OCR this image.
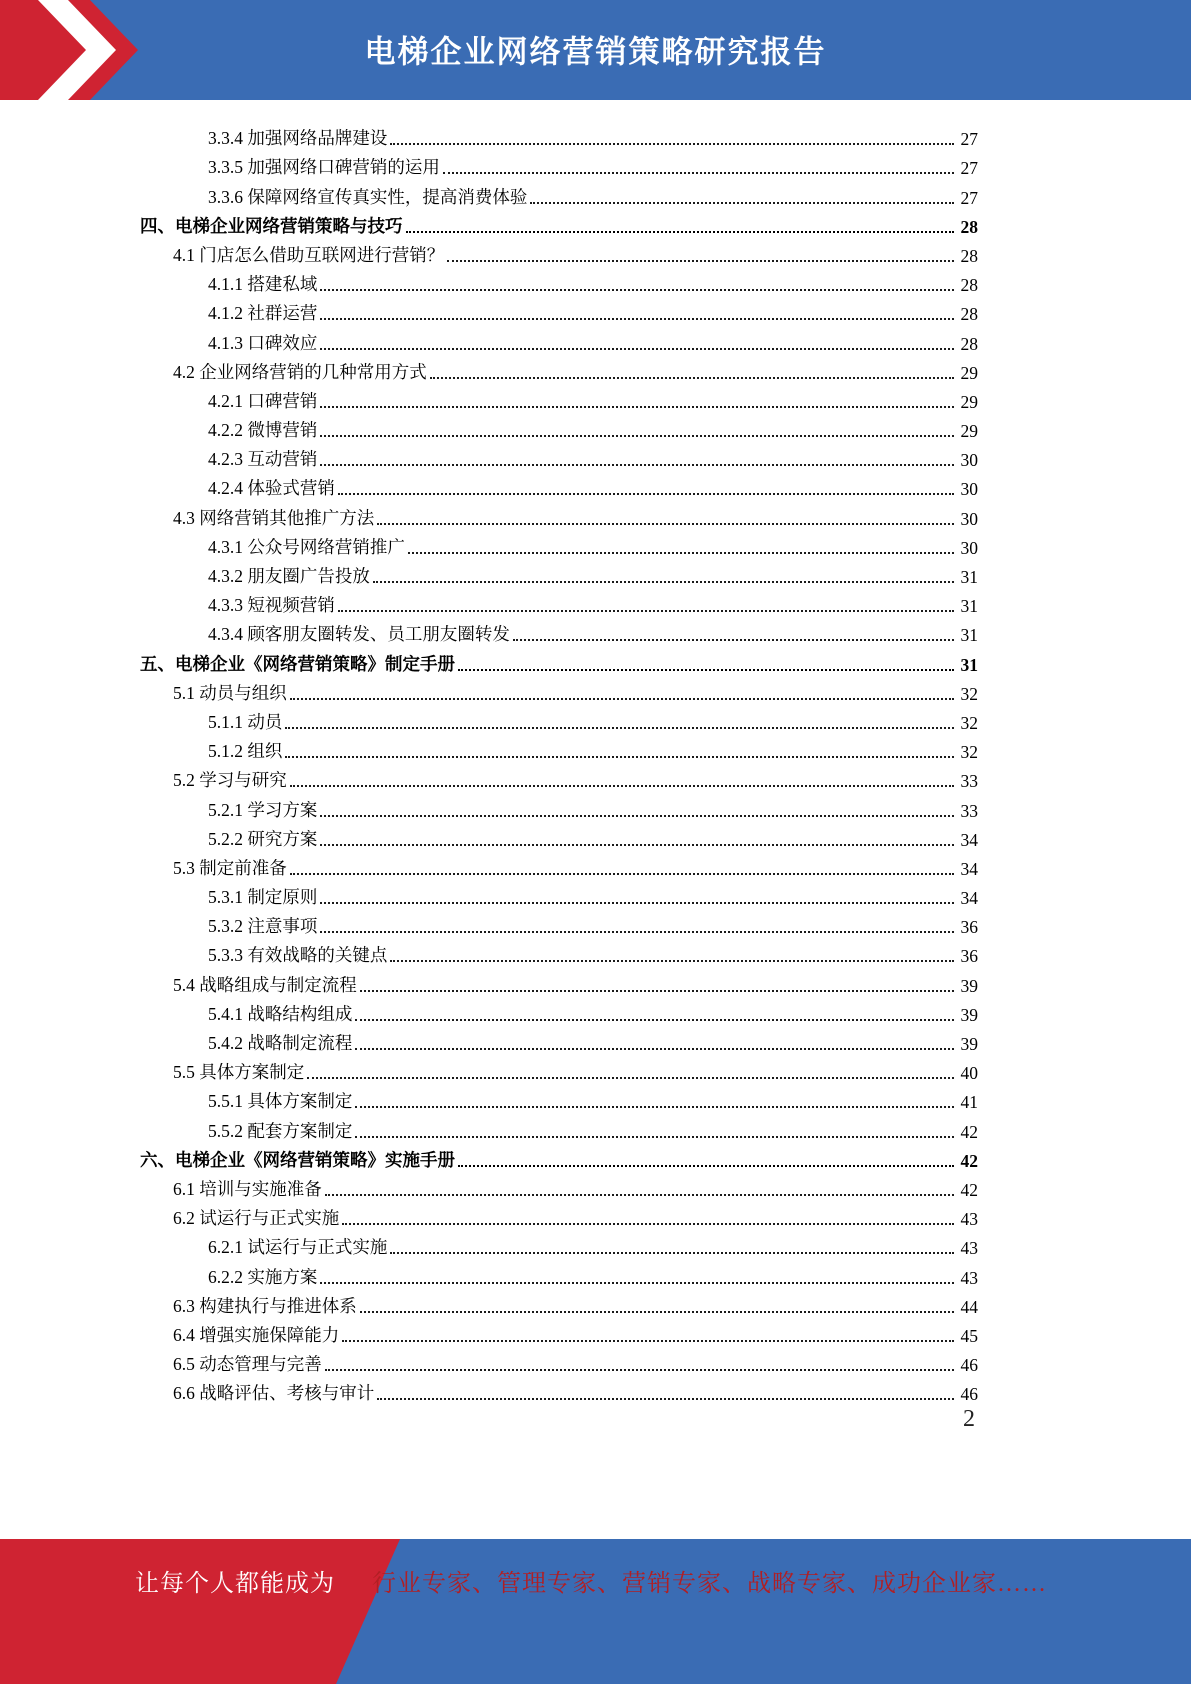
电梯企业网络营销策略研究报告
3.3.4 加强网络品牌建设	27
3.3.5 加强网络口碑营销的运用	27
3.3.6 保障网络宣传真实性，提高消费体验	27
四、电梯企业网络营销策略与技巧	28
4.1 门店怎么借助互联网进行营销？	28
4.1.1 搭建私域	28
4.1.2 社群运营	28
4.1.3 口碑效应	28
4.2 企业网络营销的几种常用方式	29
4.2.1 口碑营销	29
4.2.2 微博营销	29
4.2.3 互动营销	30
4.2.4 体验式营销	30
4.3 网络营销其他推广方法	30
4.3.1 公众号网络营销推广	30
4.3.2 朋友圈广告投放	31
4.3.3 短视频营销	31
4.3.4 顾客朋友圈转发、员工朋友圈转发	31
五、电梯企业《网络营销策略》制定手册	31
5.1 动员与组织	32
5.1.1 动员	32
5.1.2 组织	32
5.2 学习与研究	33
5.2.1 学习方案	33
5.2.2 研究方案	34
5.3 制定前准备	34
5.3.1 制定原则	34
5.3.2 注意事项	36
5.3.3 有效战略的关键点	36
5.4 战略组成与制定流程	39
5.4.1 战略结构组成	39
5.4.2 战略制定流程	39
5.5 具体方案制定	40
5.5.1 具体方案制定	41
5.5.2 配套方案制定	42
六、电梯企业《网络营销策略》实施手册	42
6.1 培训与实施准备	42
6.2 试运行与正式实施	43
6.2.1 试运行与正式实施	43
6.2.2 实施方案	43
6.3 构建执行与推进体系	44
6.4 增强实施保障能力	45
6.5 动态管理与完善	46
6.6 战略评估、考核与审计	46
2
让每个人都能成为 行业专家、管理专家、营销专家、战略专家、成功企业家……
